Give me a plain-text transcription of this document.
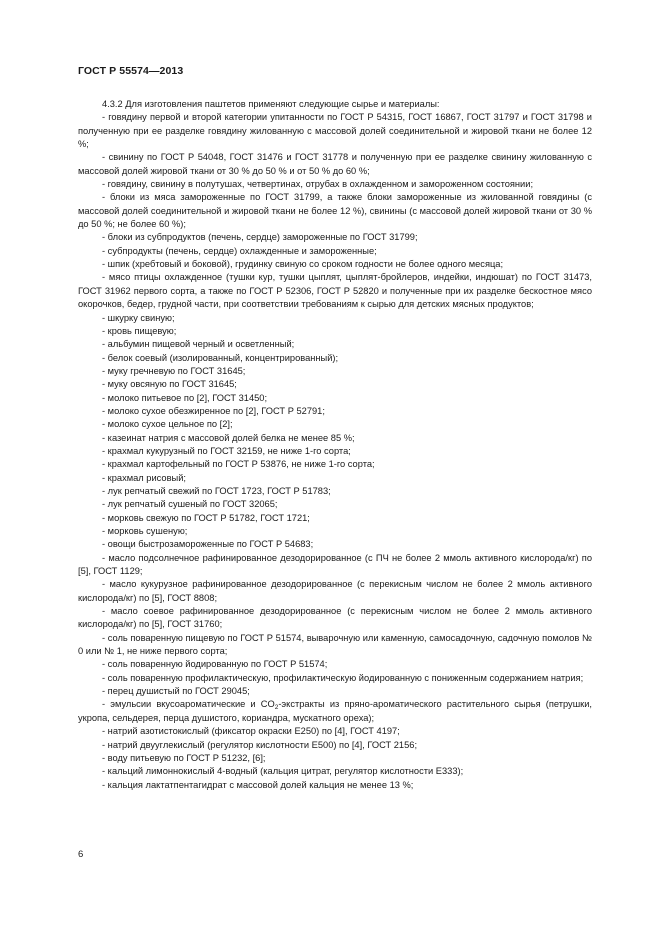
ГОСТ Р 55574—2013

4.3.2 Для изготовления паштетов применяют следующие сырье и материалы:

- говядину первой и второй категории упитанности по ГОСТ Р 54315, ГОСТ 16867, ГОСТ 31797 и ГОСТ 31798 и полученную при ее разделке говядину жилованную с массовой долей соединительной и жировой ткани не более 12 %;

- свинину по ГОСТ Р 54048, ГОСТ 31476 и ГОСТ 31778 и полученную при ее разделке свинину жилованную с массовой долей жировой ткани от 30 % до 50 % и от 50 % до 60 %;

- говядину, свинину в полутушах, четвертинах, отрубах в охлажденном и замороженном состоянии;

- блоки из мяса замороженные по ГОСТ 31799, а также блоки замороженные из жилованной говядины (с массовой долей соединительной и жировой ткани не более 12 %), свинины (с массовой долей жировой ткани от 30 % до 50 %; не более 60 %);

- блоки из субпродуктов (печень, сердце) замороженные по ГОСТ 31799;

- субпродукты (печень, сердце) охлажденные и замороженные;

- шпик (хребтовый и боковой), грудинку свиную со сроком годности не более одного месяца;

- мясо птицы охлажденное (тушки кур, тушки цыплят, цыплят-бройлеров, индейки, индюшат) по ГОСТ 31473, ГОСТ 31962 первого сорта, а также по ГОСТ Р 52306, ГОСТ Р 52820 и полученные при их разделке бескостное мясо окорочков, бедер, грудной части, при соответствии требованиям к сырью для детских мясных продуктов;

- шкурку свиную;

- кровь пищевую;

- альбумин пищевой черный и осветленный;

- белок соевый (изолированный, концентрированный);

- муку гречневую по ГОСТ 31645;

- муку овсяную по ГОСТ 31645;

- молоко питьевое по [2], ГОСТ 31450;

- молоко сухое обезжиренное по [2], ГОСТ Р 52791;

- молоко сухое цельное по [2];

- казеинат натрия с массовой долей белка не менее 85 %;

- крахмал кукурузный по ГОСТ 32159, не ниже 1-го сорта;

- крахмал картофельный по ГОСТ Р 53876, не ниже 1-го сорта;

- крахмал рисовый;

- лук репчатый свежий по ГОСТ 1723, ГОСТ Р 51783;

- лук репчатый сушеный по ГОСТ 32065;

- морковь свежую по ГОСТ Р 51782, ГОСТ 1721;

- морковь сушеную;

- овощи быстрозамороженные по ГОСТ Р 54683;

- масло подсолнечное рафинированное дезодорированное (с ПЧ не более 2 ммоль активного кислорода/кг) по [5], ГОСТ 1129;

- масло кукурузное рафинированное дезодорированное (с перекисным числом не более 2 ммоль активного кислорода/кг) по [5], ГОСТ 8808;

- масло соевое рафинированное дезодорированное (с перекисным числом не более 2 ммоль активного кислорода/кг) по [5], ГОСТ 31760;

- соль поваренную пищевую по ГОСТ Р 51574, выварочную или каменную, самосадочную, садочную помолов № 0 или № 1, не ниже первого сорта;

- соль поваренную йодированную по ГОСТ Р 51574;

- соль поваренную профилактическую, профилактическую йодированную с пониженным содержанием натрия;

- перец душистый по ГОСТ 29045;

- эмульсии вкусоароматические и $CO_2$-экстракты из пряно-ароматического растительного сырья (петрушки, укропа, сельдерея, перца душистого, кориандра, мускатного ореха);

- натрий азотистокислый (фиксатор окраски Е250) по [4], ГОСТ 4197;

- натрий двууглекислый (регулятор кислотности Е500) по [4], ГОСТ 2156;

- воду питьевую по ГОСТ Р 51232, [6];

- кальций лимоннокислый 4-водный (кальция цитрат, регулятор кислотности Е333);

- кальция лактатпентагидрат с массовой долей кальция не менее 13 %;

6
